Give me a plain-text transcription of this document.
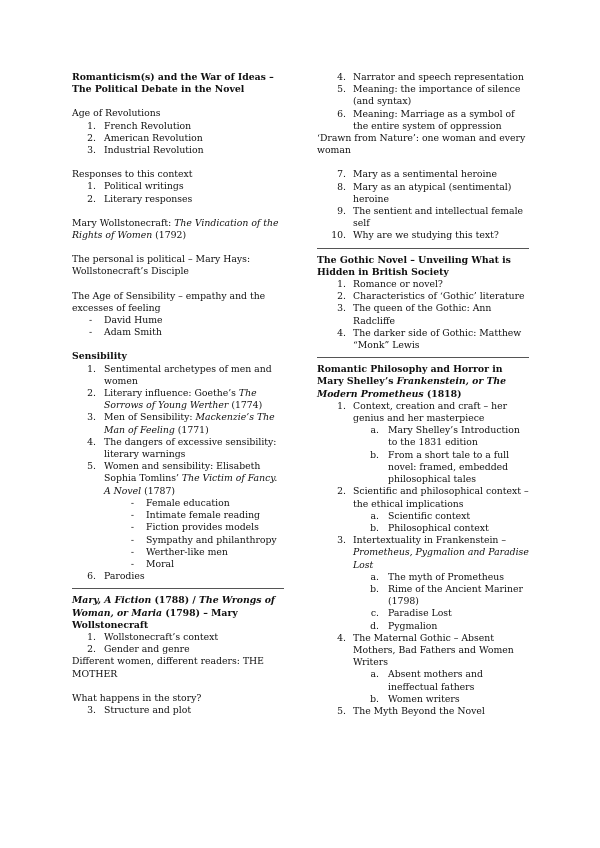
Romanticism(s) and the War of Ideas – The Political Debate in the Novel

Age of Revolutions

1. French Revolution
2. American Revolution
3. Industrial Revolution

Responses to this context

1. Political writings
2. Literary responses

Mary Wollstonecraft: The Vindication of the Rights of Women (1792)

The personal is political – Mary Hays: Wollstonecraft’s Disciple

The Age of Sensibility – empathy and the excesses of feeling

-	David Hume
-	Adam Smith

Sensibility

1. Sentimental archetypes of men and women
2. Literary influence: Goethe’s The Sorrows of Young Werther (1774)
3. Men of Sensibility: Mackenzie’s The Man of Feeling (1771)
4. The dangers of excessive sensibility: literary warnings
5. Women and sensibility: Elisabeth Sophia Tomlins’ The Victim of Fancy. A Novel (1787)
-	Female education
-	Intimate female reading
-	Fiction provides models
-	Sympathy and philanthropy
-	Werther-like men
-	Moral
6. Parodies

Mary, A Fiction (1788) / The Wrongs of Woman, or Maria (1798) – Mary Wollstonecraft

1. Wollstonecraft’s context
2. Gender and genre

Different women, different readers: THE MOTHER

What happens in the story?

3. Structure and plot
4. Narrator and speech representation
5. Meaning: the importance of silence (and syntax)
6. Meaning: Marriage as a symbol of the entire system of oppression

‘Drawn from Nature’: one woman and every woman

7. Mary as a sentimental heroine
8. Mary as an atypical (sentimental) heroine
9. The sentient and intellectual female self
10. Why are we studying this text?

The Gothic Novel – Unveiling What is Hidden in British Society

1. Romance or novel?
2. Characteristics of ‘Gothic’ literature
3. The queen of the Gothic: Ann Radcliffe
4. The darker side of Gothic: Matthew “Monk” Lewis

Romantic Philosophy and Horror in Mary Shelley’s Frankenstein, or The Modern Prometheus (1818)

1. Context, creation and craft – her genius and her masterpiece
a. Mary Shelley’s Introduction to the 1831 edition
b. From a short tale to a full novel: framed, embedded philosophical tales
2. Scientific and philosophical context – the ethical implications
a. Scientific context
b. Philosophical context
3. Intertextuality in Frankenstein – Prometheus, Pygmalion and Paradise Lost
a. The myth of Prometheus
b. Rime of the Ancient Mariner (1798)
c. Paradise Lost
d. Pygmalion
4. The Maternal Gothic – Absent Mothers, Bad Fathers and Women Writers
a. Absent mothers and ineffectual fathers
b. Women writers
5. The Myth Beyond the Novel
